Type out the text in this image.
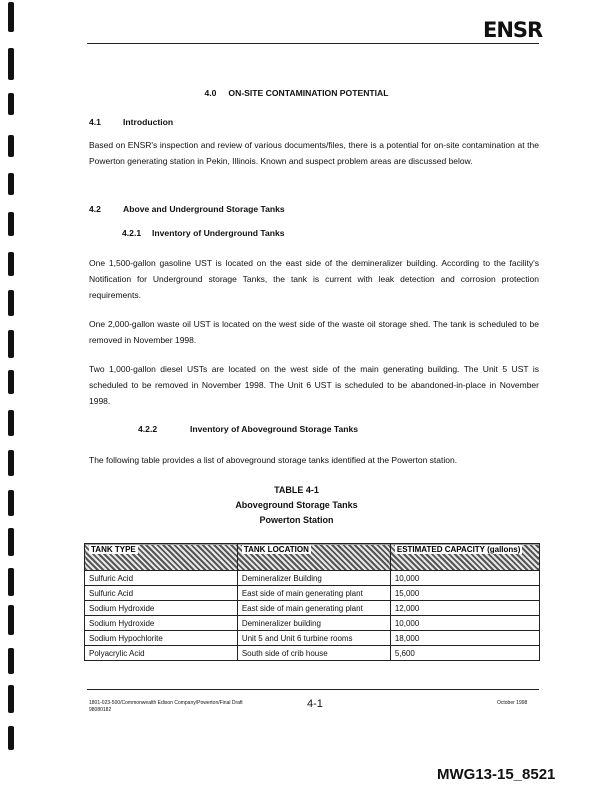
ENSR
4.0 ON-SITE CONTAMINATION POTENTIAL
4.1	Introduction

Based on ENSR's inspection and review of various documents/files, there is a potential for on-site contamination at the Powerton generating station in Pekin, Illinois. Known and suspect problem areas are discussed below.

4.2	Above and Underground Storage Tanks
4.2.1 Inventory of Underground Tanks

One 1,500-gallon gasoline UST is located on the east side of the demineralizer building. According to the facility's Notification for Underground storage Tanks, the tank is current with leak detection and corrosion protection requirements.

One 2,000-gallon waste oil UST is located on the west side of the waste oil storage shed. The tank is scheduled to be removed in November 1998.

Two 1,000-gallon diesel USTs are located on the west side of the main generating building. The Unit 5 UST is scheduled to be removed in November 1998. The Unit 6 UST is scheduled to be abandoned-in-place in November 1998.

4.2.2	Inventory of Aboveground Storage Tanks

The following table provides a list of aboveground storage tanks identified at the Powerton station.

TABLE 4-1
Aboveground Storage Tanks
Powerton Station
TANK TYPE	TANK LOCATION	ESTIMATED CAPACITY (gallons)
Sulfuric Acid	Demineralizer Building	10,000
Sulfuric Acid	East side of main generating plant	15,000
Sodium Hydroxide	East side of main generating plant	12,000
Sodium Hydroxide	Demineralizer building	10,000
Sodium Hypochlorite	Unit 5 and Unit 6 turbine rooms	18,000
Polyacrylic Acid	South side of crib house	5,600
1801-023-500/Commonwealth Edison Company/Powerton/Final Draft
98080182	4-1	October 1998
MWG13-15_8521
